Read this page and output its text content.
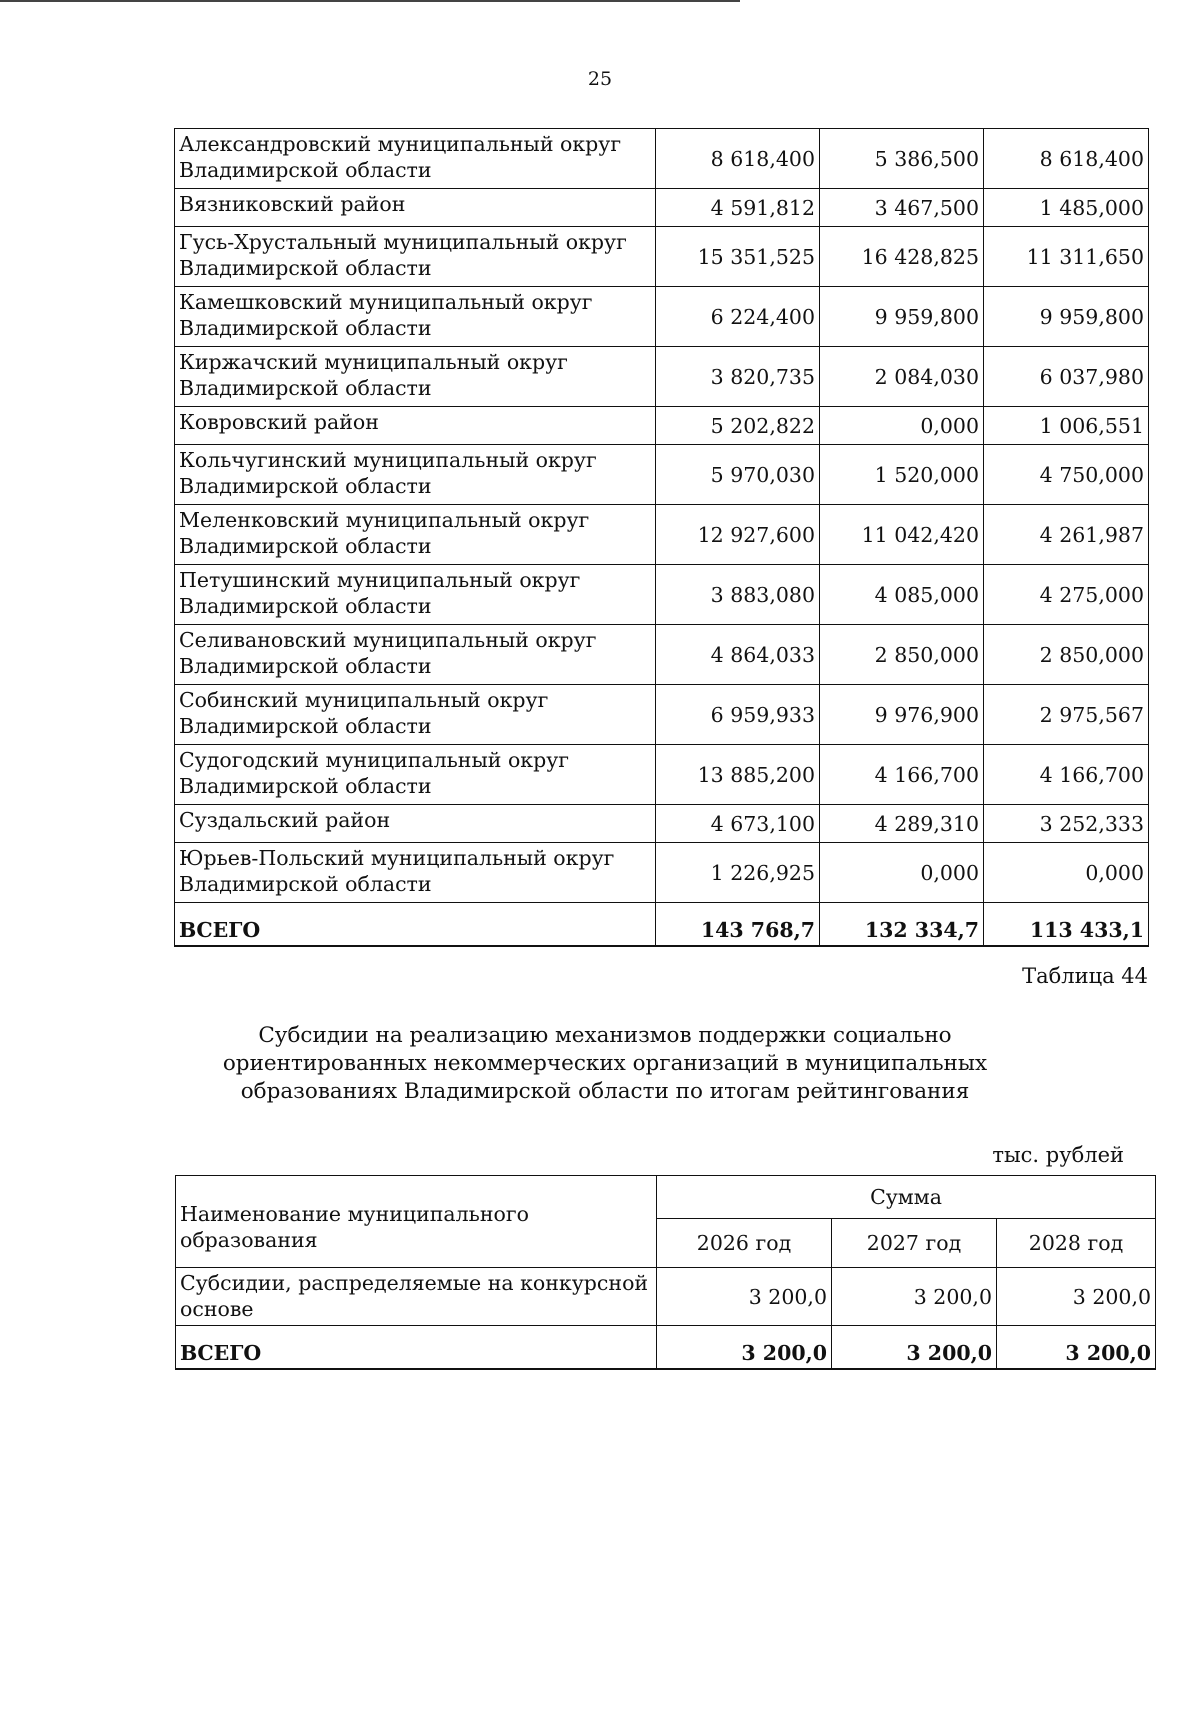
25
Александровский муниципальный округ Владимирской области	8 618,400	5 386,500	8 618,400
Вязниковский район	4 591,812	3 467,500	1 485,000
Гусь-Хрустальный муниципальный округ Владимирской области	15 351,525	16 428,825	11 311,650
Камешковский муниципальный округ Владимирской области	6 224,400	9 959,800	9 959,800
Киржачский муниципальный округ Владимирской области	3 820,735	2 084,030	6 037,980
Ковровский район	5 202,822	0,000	1 006,551
Кольчугинский муниципальный округ Владимирской области	5 970,030	1 520,000	4 750,000
Меленковский муниципальный округ Владимирской области	12 927,600	11 042,420	4 261,987
Петушинский муниципальный округ Владимирской области	3 883,080	4 085,000	4 275,000
Селивановский муниципальный округ Владимирской области	4 864,033	2 850,000	2 850,000
Собинский муниципальный округ Владимирской области	6 959,933	9 976,900	2 975,567
Судогодский муниципальный округ Владимирской области	13 885,200	4 166,700	4 166,700
Суздальский район	4 673,100	4 289,310	3 252,333
Юрьев-Польский муниципальный округ Владимирской области	1 226,925	0,000	0,000
ВСЕГО	143 768,7	132 334,7	113 433,1
Таблица 44
Субсидии на реализацию механизмов поддержки социально ориентированных некоммерческих организаций в муниципальных образованиях Владимирской области по итогам рейтингования
тыс. рублей
Наименование муниципального образования	Сумма		
	2026 год	2027 год	2028 год
Субсидии, распределяемые на конкурсной основе	3 200,0	3 200,0	3 200,0
ВСЕГО	3 200,0	3 200,0	3 200,0
